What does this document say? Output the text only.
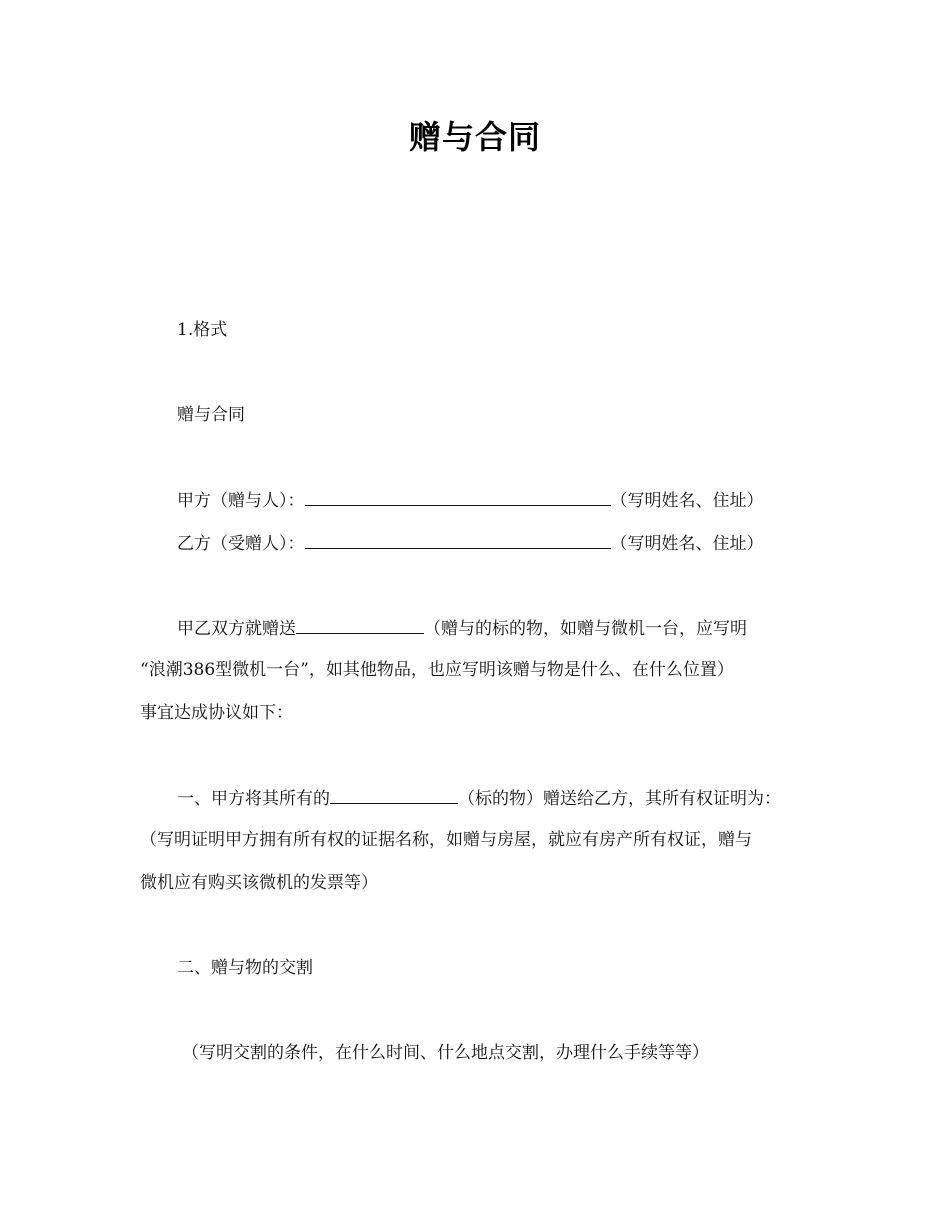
赠与合同
1.格式
赠与合同
甲方（赠与人）：	（写明姓名、住址）
乙方（受赠人）：	（写明姓名、住址）
甲乙双方就赠送	（赠与的标的物，如赠与微机一台，应写明
“浪潮386型微机一台”，如其他物品，也应写明该赠与物是什么、在什么位置）
事宜达成协议如下：
一、甲方将其所有的	（标的物）赠送给乙方，其所有权证明为：
（写明证明甲方拥有所有权的证据名称，如赠与房屋，就应有房产所有权证，赠与
微机应有购买该微机的发票等）
二、赠与物的交割
（写明交割的条件，在什么时间、什么地点交割，办理什么手续等等）
